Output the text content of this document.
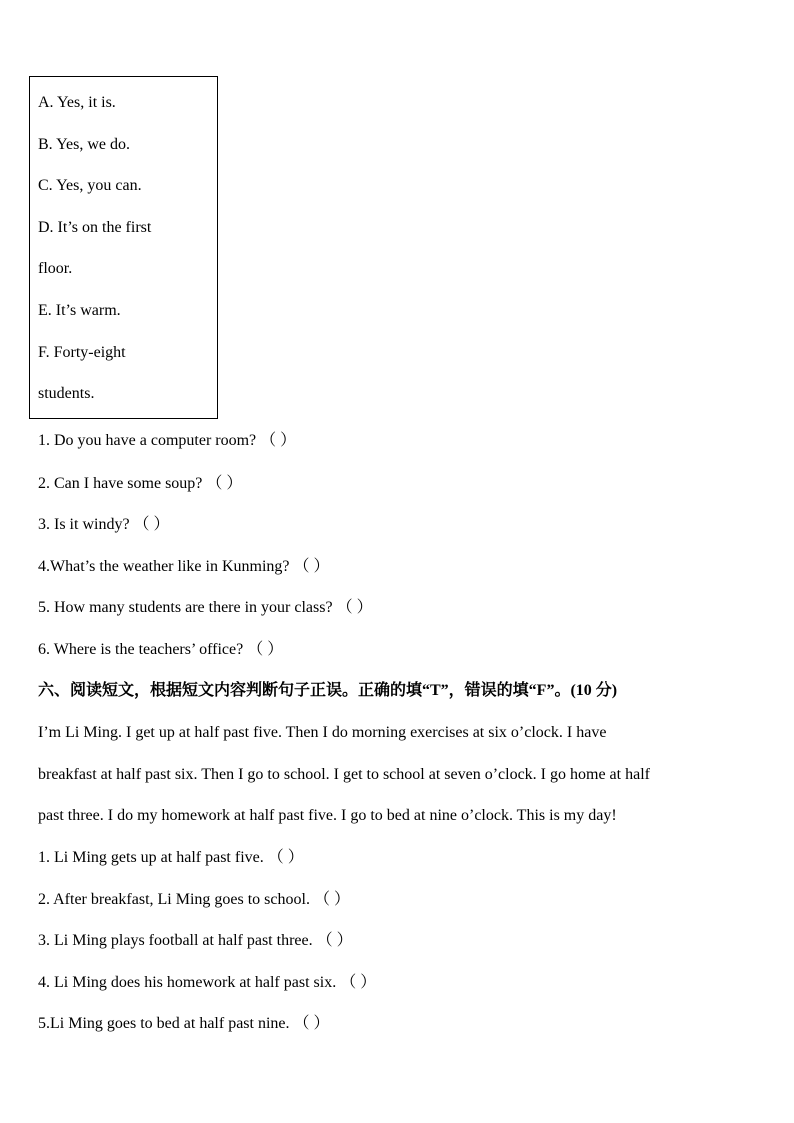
A. Yes, it is.
B. Yes, we do.
C. Yes, you can.
D. It’s on the first
floor.
E. It’s warm.
F. Forty-eight
students.
1. Do you have a computer room? （ ）
2. Can I have some soup? （ ）
3. Is it windy? （ ）
4.What’s the weather like in Kunming? （ ）
5. How many students are there in your class? （ ）
6. Where is the teachers’ office? （ ）
六、阅读短文，根据短文内容判断句子正误。正确的填“T”，错误的填“F”。(10 分)
I’m Li Ming. I get up at half past five. Then I do morning exercises at six o’clock. I have
breakfast at half past six. Then I go to school. I get to school at seven o’clock. I go home at half
past three. I do my homework at half past five. I go to bed at nine o’clock. This is my day!
1. Li Ming gets up at half past five. （ ）
2. After breakfast, Li Ming goes to school. （ ）
3. Li Ming plays football at half past three. （ ）
4. Li Ming does his homework at half past six. （ ）
5.Li Ming goes to bed at half past nine. （ ）
